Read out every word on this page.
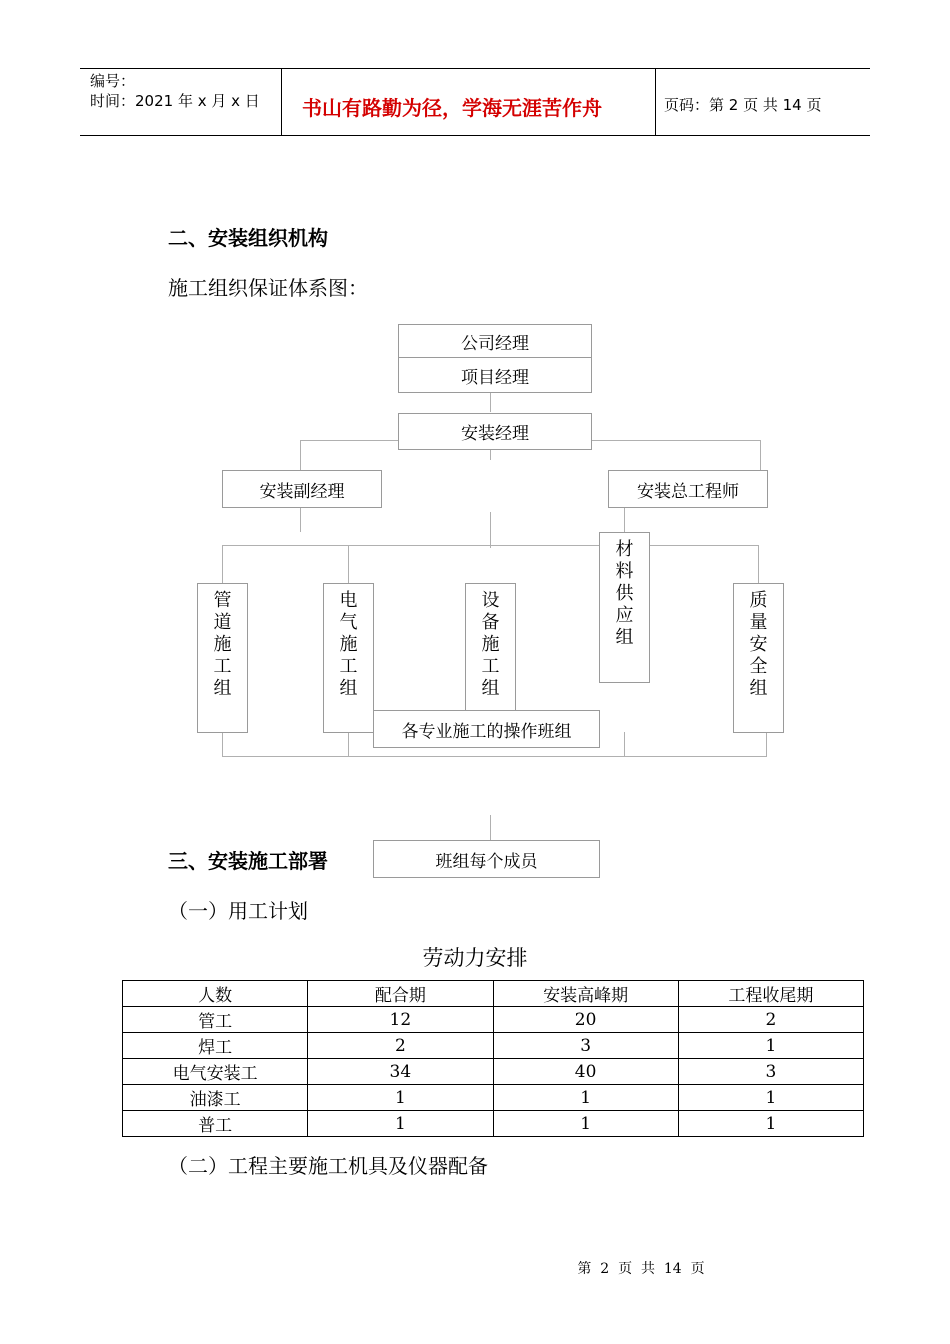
编号：
时间：2021 年 x 月 x 日 书山有路勤为径，学海无涯苦作舟	页码：第 2 页 共 14 页
二、安装组织机构
施工组织保证体系图：
公司经理
项目经理
安装经理
安装副经理	安装总工程师
管
道
施
工
组
电
气
施
工
组
设
备
施
工
组
材
料
供
应
组
质
量
安
全
组
各专业施工的操作班组
班组每个成员
三、安装施工部署
（一）用工计划
劳动力安排
人数	配合期	安装高峰期	工程收尾期
管工	12	20	2
焊工	2	3	1
电气安装工	34	40	3
油漆工	1	1	1
普工	1	1	1
（二）工程主要施工机具及仪器配备
第  2  页  共  14  页
